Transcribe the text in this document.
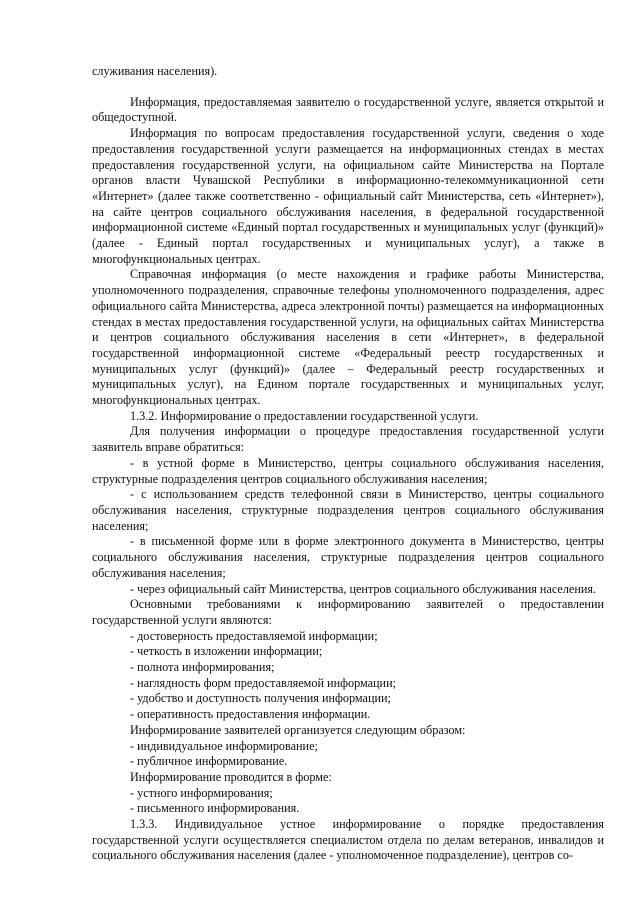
служивания населения).

Информация, предоставляемая заявителю о государственной услуге, является открытой и общедоступной.

Информация по вопросам предоставления государственной услуги, сведения о ходе предоставления государственной услуги размещается на информационных стендах в местах предоставления государственной услуги, на официальном сайте Министерства на Портале органов власти Чувашской Республики в информационно-телекоммуникационной сети «Интернет» (далее также соответственно - официальный сайт Министерства, сеть «Интернет»), на сайте центров социального обслуживания населения, в федеральной государственной информационной системе «Единый портал государственных и муниципальных услуг (функций)» (далее - Единый портал государственных и муниципальных услуг), а также в многофункциональных центрах.

Справочная информация (о месте нахождения и графике работы Министерства, уполномоченного подразделения, справочные телефоны уполномоченного подразделения, адрес официального сайта Министерства, адреса электронной почты) размещается на информационных стендах в местах предоставления государственной услуги, на официальных сайтах Министерства и центров социального обслуживания населения в сети «Интернет», в федеральной государственной информационной системе «Федеральный реестр государственных и муниципальных услуг (функций)» (далее – Федеральный реестр государственных и муниципальных услуг), на Едином портале государственных и муниципальных услуг, многофункциональных центрах.

1.3.2. Информирование о предоставлении государственной услуги.

Для получения информации о процедуре предоставления государственной услуги заявитель вправе обратиться:

- в устной форме в Министерство, центры социального обслуживания населения, структурные подразделения центров социального обслуживания населения;

- с использованием средств телефонной связи в Министерство, центры социального обслуживания населения, структурные подразделения центров социального обслуживания населения;

- в письменной форме или в форме электронного документа в Министерство, центры социального обслуживания населения, структурные подразделения центров социального обслуживания населения;

- через официальный сайт Министерства, центров социального обслуживания населения.

Основными требованиями к информированию заявителей о предоставлении государственной услуги являются:

- достоверность предоставляемой информации;

- четкость в изложении информации;

- полнота информирования;

- наглядность форм предоставляемой информации;

- удобство и доступность получения информации;

- оперативность предоставления информации.

Информирование заявителей организуется следующим образом:

- индивидуальное информирование;

- публичное информирование.

Информирование проводится в форме:

- устного информирования;

- письменного информирования.

1.3.3. Индивидуальное устное информирование о порядке предоставления государственной услуги осуществляется специалистом отдела по делам ветеранов, инвалидов и социального обслуживания населения (далее - уполномоченное подразделение), центров со-
